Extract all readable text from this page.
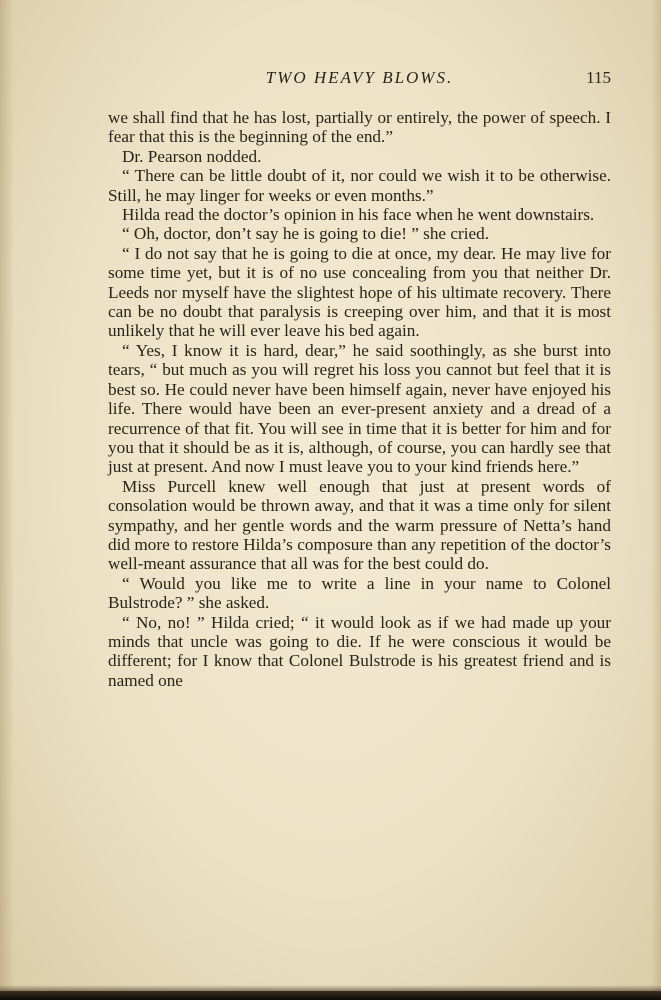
TWO HEAVY BLOWS.	115

we shall find that he has lost, partially or entirely, the power of speech. I fear that this is the beginning of the end.”

Dr. Pearson nodded.

“ There can be little doubt of it, nor could we wish it to be otherwise. Still, he may linger for weeks or even months.”

Hilda read the doctor’s opinion in his face when he went downstairs.

“ Oh, doctor, don’t say he is going to die! ” she cried.

“ I do not say that he is going to die at once, my dear. He may live for some time yet, but it is of no use concealing from you that neither Dr. Leeds nor myself have the slightest hope of his ultimate recovery. There can be no doubt that paralysis is creeping over him, and that it is most unlikely that he will ever leave his bed again.

“ Yes, I know it is hard, dear,” he said soothingly, as she burst into tears, “ but much as you will regret his loss you cannot but feel that it is best so. He could never have been himself again, never have enjoyed his life. There would have been an ever-present anxiety and a dread of a recurrence of that fit. You will see in time that it is better for him and for you that it should be as it is, although, of course, you can hardly see that just at present. And now I must leave you to your kind friends here.”

Miss Purcell knew well enough that just at present words of consolation would be thrown away, and that it was a time only for silent sympathy, and her gentle words and the warm pressure of Netta’s hand did more to restore Hilda’s composure than any repetition of the doctor’s well-meant assurance that all was for the best could do.

“ Would you like me to write a line in your name to Colonel Bulstrode? ” she asked.

“ No, no! ” Hilda cried; “ it would look as if we had made up your minds that uncle was going to die. If he were conscious it would be different; for I know that Colonel Bulstrode is his greatest friend and is named one
